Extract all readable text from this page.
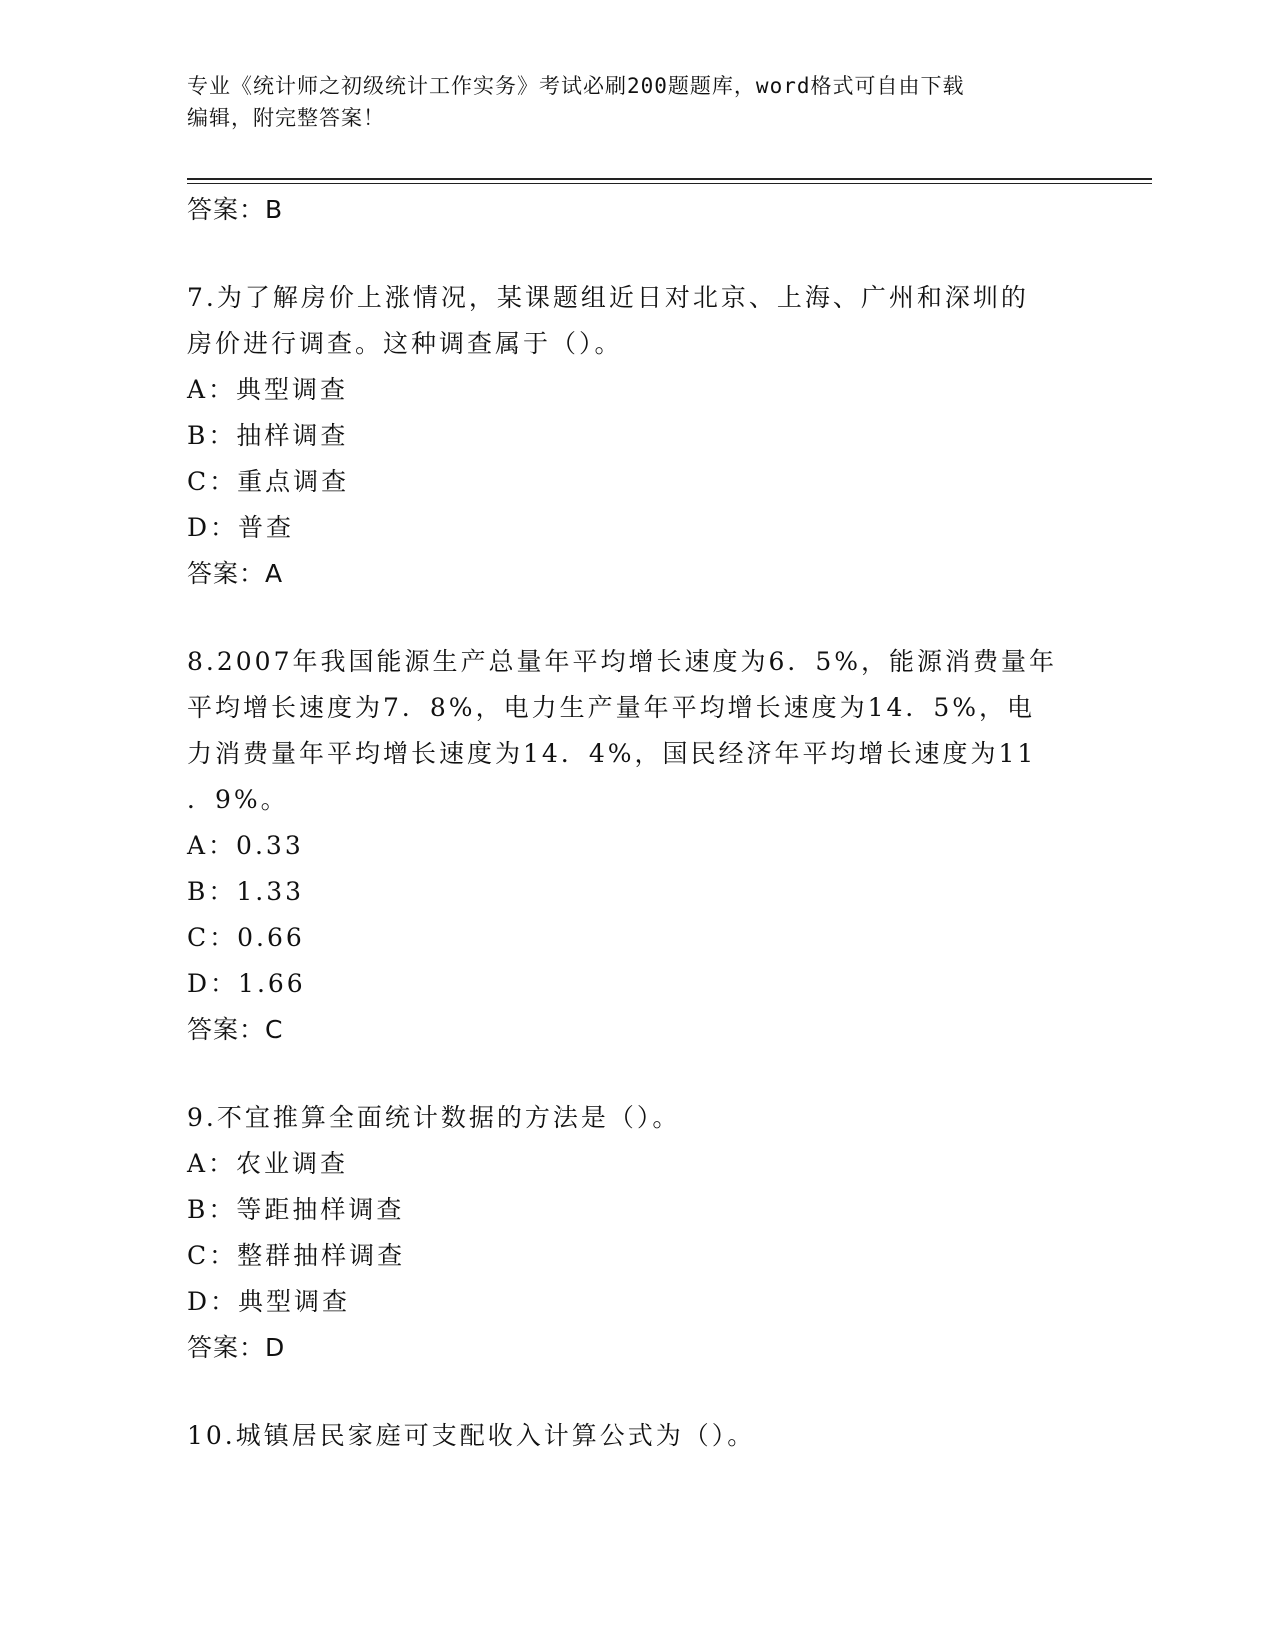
专业《统计师之初级统计工作实务》考试必刷200题题库，word格式可自由下载
编辑，附完整答案！
答案：B
7.为了解房价上涨情况，某课题组近日对北京、上海、广州和深圳的
房价进行调查。这种调查属于（）。
A：典型调查
B：抽样调查
C：重点调查
D：普查
答案：A
8.2007年我国能源生产总量年平均增长速度为6．5%，能源消费量年
平均增长速度为7．8%，电力生产量年平均增长速度为14．5%，电
力消费量年平均增长速度为14．4%，国民经济年平均增长速度为11
．9%。
A：0.33
B：1.33
C：0.66
D：1.66
答案：C
9.不宜推算全面统计数据的方法是（）。
A：农业调查
B：等距抽样调查
C：整群抽样调查
D：典型调查
答案：D
10.城镇居民家庭可支配收入计算公式为（）。
